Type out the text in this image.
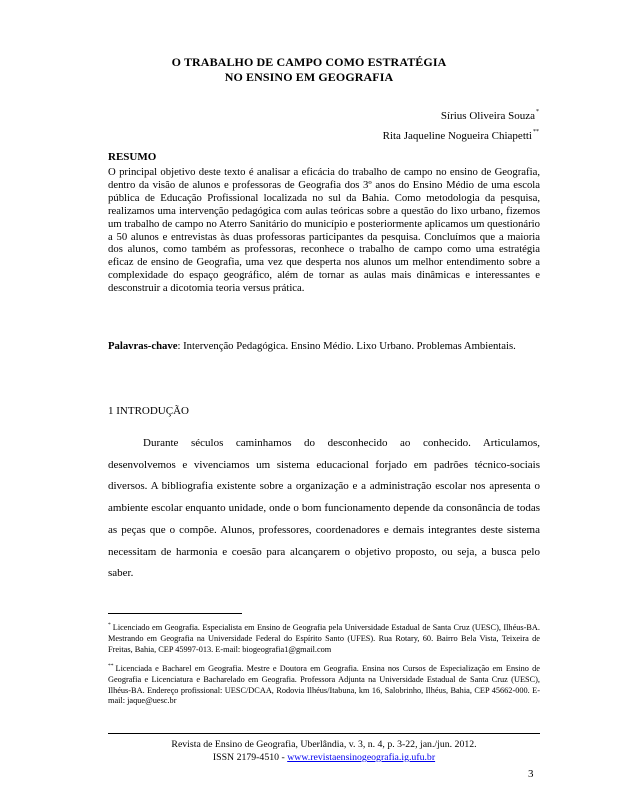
O TRABALHO DE CAMPO COMO ESTRATÉGIA
NO ENSINO EM GEOGRAFIA
Sírius Oliveira Souza*
Rita Jaqueline Nogueira Chiapetti**
RESUMO
O principal objetivo deste texto é analisar a eficácia do trabalho de campo no ensino de Geografia, dentro da visão de alunos e professoras de Geografia dos 3º anos do Ensino Médio de uma escola pública de Educação Profissional localizada no sul da Bahia. Como metodologia da pesquisa, realizamos uma intervenção pedagógica com aulas teóricas sobre a questão do lixo urbano, fizemos um trabalho de campo no Aterro Sanitário do município e posteriormente aplicamos um questionário a 50 alunos e entrevistas às duas professoras participantes da pesquisa. Concluímos que a maioria dos alunos, como também as professoras, reconhece o trabalho de campo como uma estratégia eficaz de ensino de Geografia, uma vez que desperta nos alunos um melhor entendimento sobre a complexidade do espaço geográfico, além de tornar as aulas mais dinâmicas e interessantes e desconstruir a dicotomia teoria versus prática.
Palavras-chave: Intervenção Pedagógica. Ensino Médio. Lixo Urbano. Problemas Ambientais.
1 INTRODUÇÃO
Durante séculos caminhamos do desconhecido ao conhecido. Articulamos, desenvolvemos e vivenciamos um sistema educacional forjado em padrões técnico-sociais diversos. A bibliografia existente sobre a organização e a administração escolar nos apresenta o ambiente escolar enquanto unidade, onde o bom funcionamento depende da consonância de todas as peças que o compõe. Alunos, professores, coordenadores e demais integrantes deste sistema necessitam de harmonia e coesão para alcançarem o objetivo proposto, ou seja, a busca pelo saber.
* Licenciado em Geografia. Especialista em Ensino de Geografia pela Universidade Estadual de Santa Cruz (UESC), Ilhéus-BA. Mestrando em Geografia na Universidade Federal do Espírito Santo (UFES). Rua Rotary, 60. Bairro Bela Vista, Teixeira de Freitas, Bahia, CEP 45997-013. E-mail: biogeografia1@gmail.com
** Licenciada e Bacharel em Geografia. Mestre e Doutora em Geografia. Ensina nos Cursos de Especialização em Ensino de Geografia e Licenciatura e Bacharelado em Geografia. Professora Adjunta na Universidade Estadual de Santa Cruz (UESC), Ilhéus-BA. Endereço profissional: UESC/DCAA, Rodovia Ilhéus/Itabuna, km 16, Salobrinho, Ilhéus, Bahia, CEP 45662-000. E-mail: jaque@uesc.br
Revista de Ensino de Geografia, Uberlândia, v. 3, n. 4, p. 3-22, jan./jun. 2012.
ISSN 2179-4510 - www.revistaensinogeografia.ig.ufu.br
3
